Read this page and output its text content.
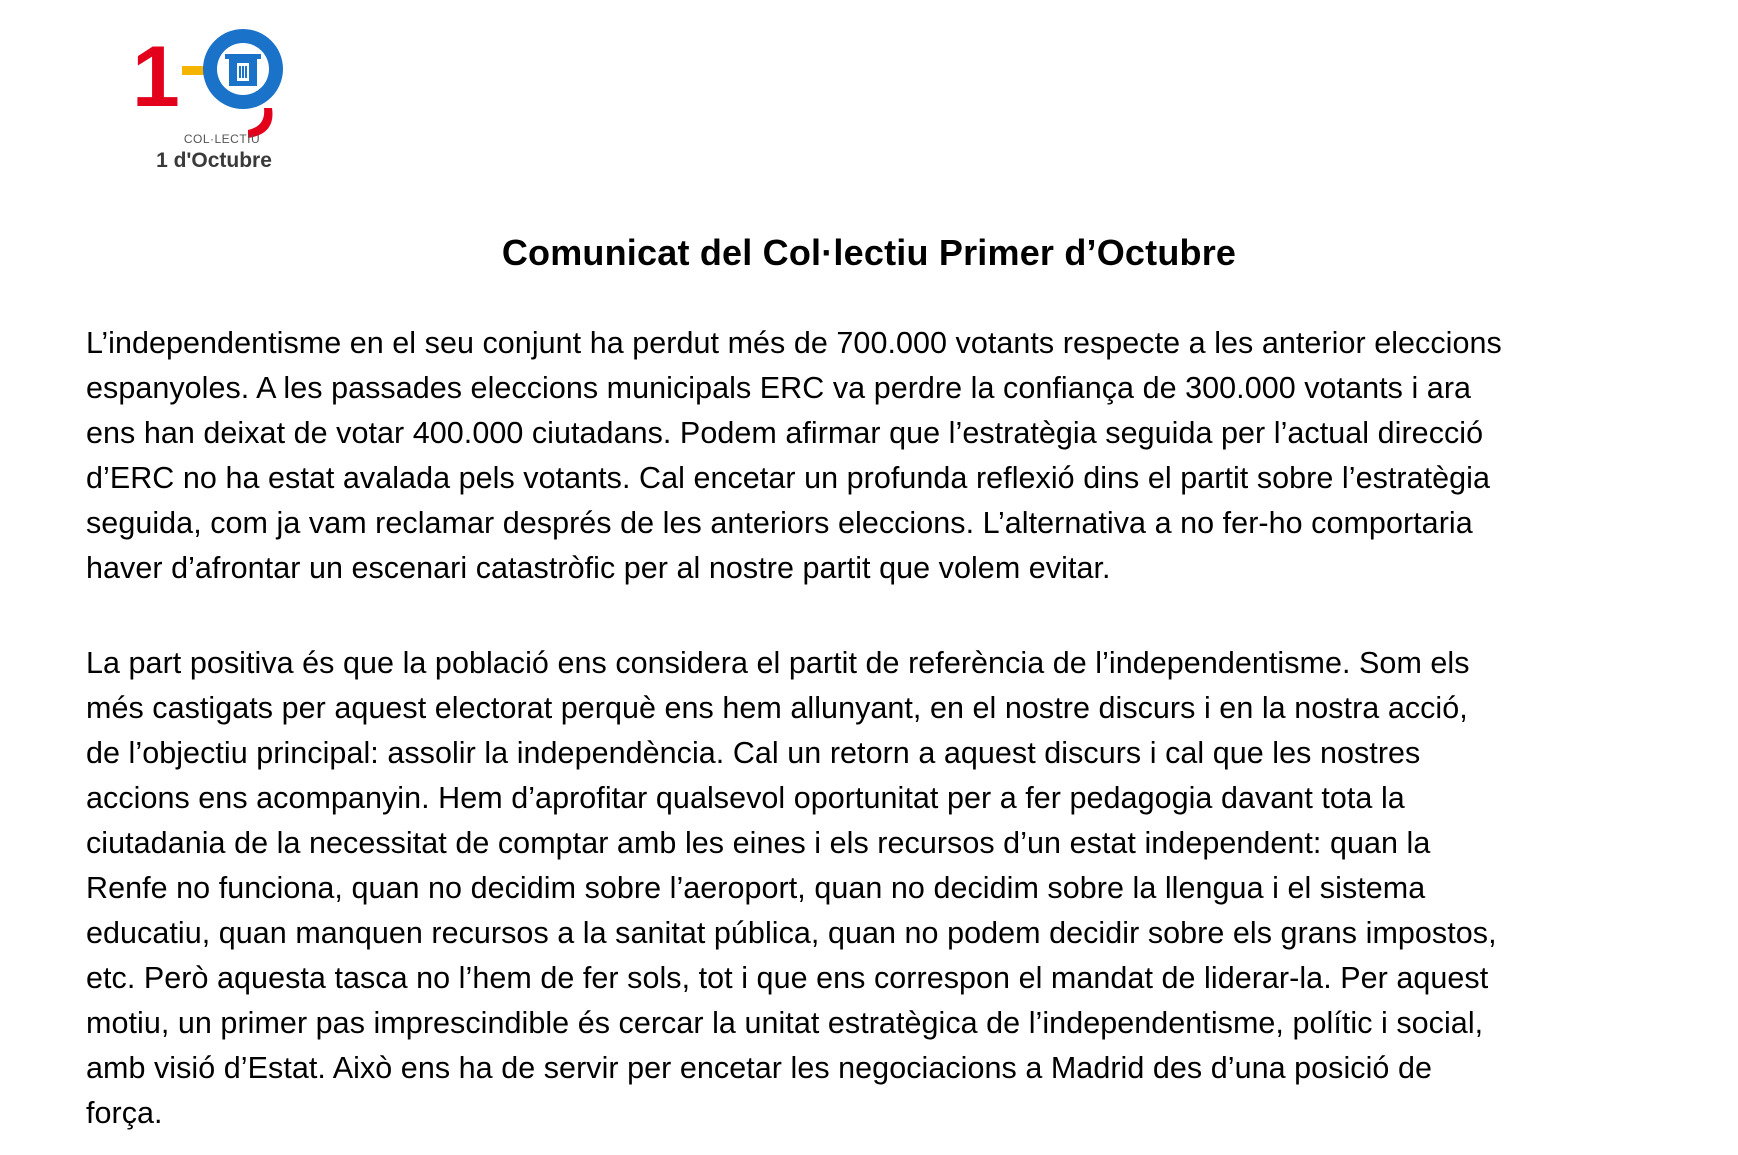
1
COL·LECTIU
1 d'Octubre
Comunicat del Col·lectiu Primer d’Octubre

L’independentisme en el seu conjunt ha perdut més de 700.000 votants respecte a les anterior eleccions
espanyoles. A les passades eleccions municipals ERC va perdre la confiança de 300.000 votants i ara
ens han deixat de votar 400.000 ciutadans. Podem afirmar que l’estratègia seguida per l’actual direcció
d’ERC no ha estat avalada pels votants. Cal encetar un profunda reflexió dins el partit sobre l’estratègia
seguida, com ja vam reclamar després de les anteriors eleccions. L’alternativa a no fer-ho comportaria
haver d’afrontar un escenari catastròfic per al nostre partit que volem evitar.

La part positiva és que la població ens considera el partit de referència de l’independentisme. Som els
més castigats per aquest electorat perquè ens hem allunyant, en el nostre discurs i en la nostra acció,
de l’objectiu principal: assolir la independència. Cal un retorn a aquest discurs i cal que les nostres
accions ens acompanyin. Hem d’aprofitar qualsevol oportunitat per a fer pedagogia davant tota la
ciutadania de la necessitat de comptar amb les eines i els recursos d’un estat independent: quan la
Renfe no funciona, quan no decidim sobre l’aeroport, quan no decidim sobre la llengua i el sistema
educatiu, quan manquen recursos a la sanitat pública, quan no podem decidir sobre els grans impostos,
etc. Però aquesta tasca no l’hem de fer sols, tot i que ens correspon el mandat de liderar-la. Per aquest
motiu, un primer pas imprescindible és cercar la unitat estratègica de l’independentisme, polític i social,
amb visió d’Estat. Això ens ha de servir per encetar les negociacions a Madrid des d’una posició de
força.
